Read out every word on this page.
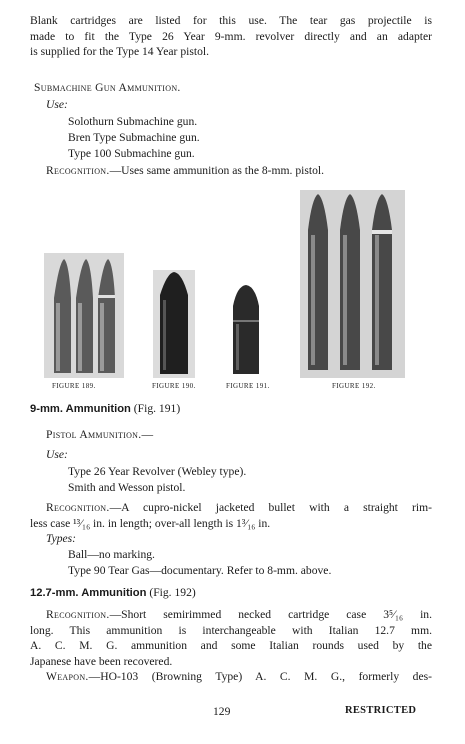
Blank cartridges are listed for this use. The tear gas projectile is
made to fit the Type 26 Year 9-mm. revolver directly and an adapter
is supplied for the Type 14 Year pistol.
Submachine Gun Ammunition.
Use:
Solothurn Submachine gun.
Bren Type Submachine gun.
Type 100 Submachine gun.
Recognition.—Uses same ammunition as the 8-mm. pistol.
FIGURE 189.	FIGURE 190.	FIGURE 191.	FIGURE 192.
9-mm. Ammunition (Fig. 191)
Pistol Ammunition.—
Use:
Type 26 Year Revolver (Webley type).
Smith and Wesson pistol.
Recognition.—A cupro-nickel jacketed bullet with a straight rim-
less case ¹³⁄₁₆ in. in length; over-all length is 1³⁄₁₆ in.
Types:
Ball—no marking.
Type 90 Tear Gas—documentary. Refer to 8-mm. above.
12.7-mm. Ammunition (Fig. 192)
Recognition.—Short semirimmed necked cartridge case 3⁵⁄₁₆ in.
long. This ammunition is interchangeable with Italian 12.7 mm.
A. C. M. G. ammunition and some Italian rounds used by the
Japanese have been recovered.
Weapon.—HO-103 (Browning Type) A. C. M. G., formerly des-
129	RESTRICTED
